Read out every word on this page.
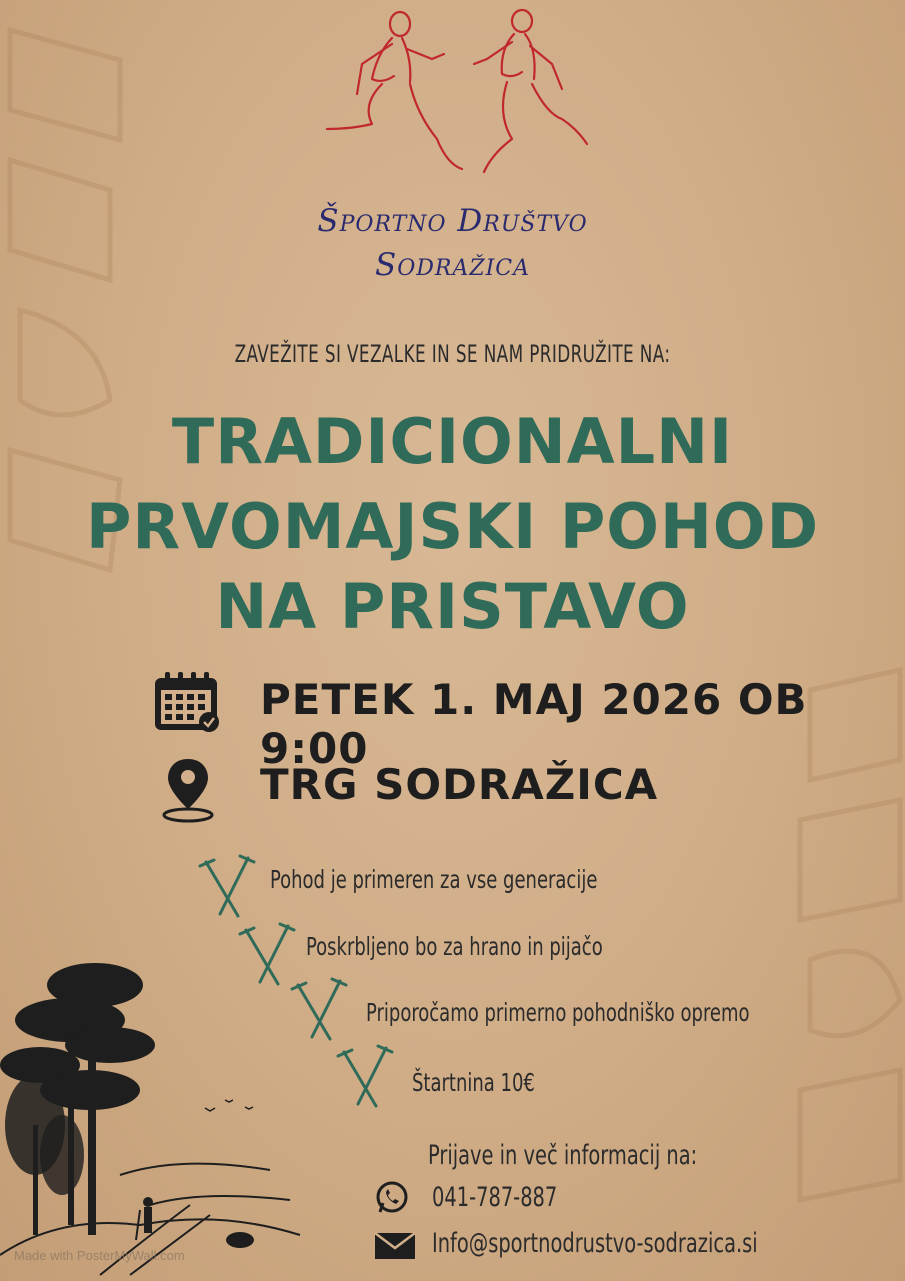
Športno Društvo
Sodražica
ZAVEŽITE SI VEZALKE IN SE NAM PRIDRUŽITE NA:
TRADICIONALNI
PRVOMAJSKI POHOD
NA PRISTAVO
PETEK 1. MAJ 2026 OB 9:00
TRG SODRAŽICA
Pohod je primeren za vse generacije
Poskrbljeno bo za hrano in pijačo
Priporočamo primerno pohodniško opremo
Štartnina 10€
Prijave in več informacij na:
041-787-887
Info@sportnodrustvo-sodrazica.si
Made with PosterMyWall.com
